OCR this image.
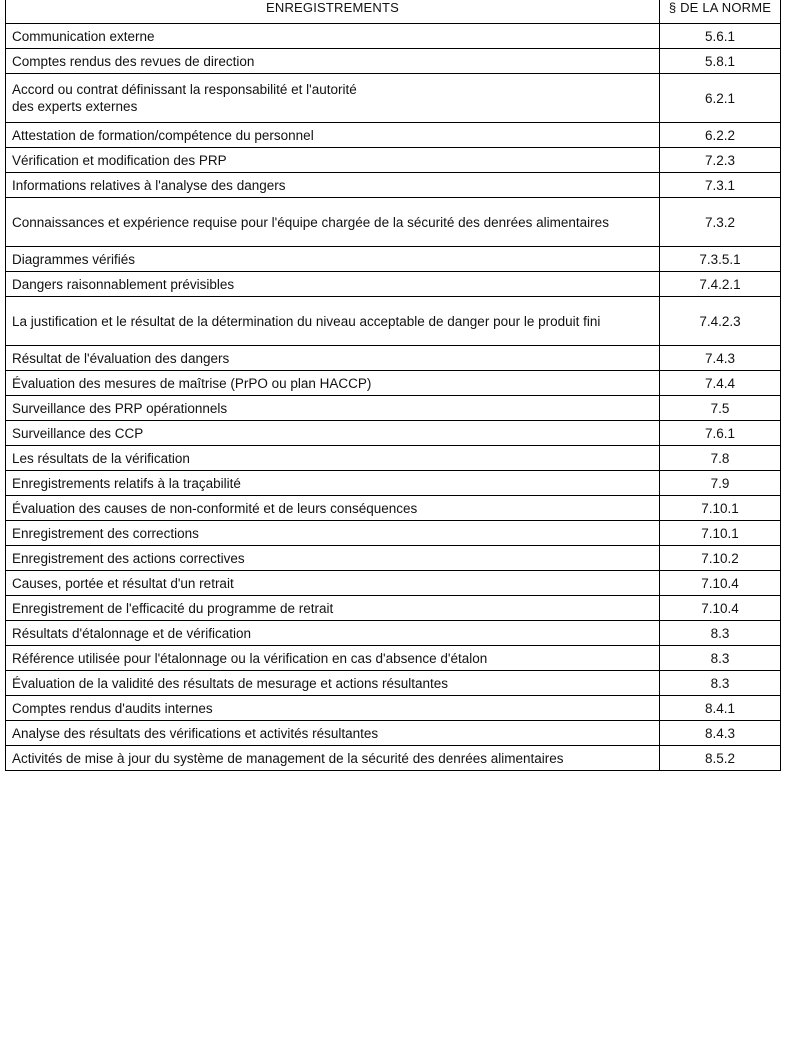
ENREGISTREMENTS	§ DE LA NORME
Communication externe	5.6.1
Comptes rendus des revues de direction	5.8.1
Accord ou contrat définissant la responsabilité et l'autorité
des experts externes	6.2.1
Attestation de formation/compétence du personnel	6.2.2
Vérification et modification des PRP	7.2.3
Informations relatives à l'analyse des dangers	7.3.1
Connaissances et expérience requise pour l'équipe chargée de la sécurité des denrées alimentaires	7.3.2
Diagrammes vérifiés	7.3.5.1
Dangers raisonnablement prévisibles	7.4.2.1
La justification et le résultat de la détermination du niveau acceptable de danger pour le produit fini	7.4.2.3
Résultat de l'évaluation des dangers	7.4.3
Évaluation des mesures de maîtrise (PrPO ou plan HACCP)	7.4.4
Surveillance des PRP opérationnels	7.5
Surveillance des CCP	7.6.1
Les résultats de la vérification	7.8
Enregistrements relatifs à la traçabilité	7.9
Évaluation des causes de non-conformité et de leurs conséquences	7.10.1
Enregistrement des corrections	7.10.1
Enregistrement des actions correctives	7.10.2
Causes, portée et résultat d'un retrait	7.10.4
Enregistrement de l'efficacité du programme de retrait	7.10.4
Résultats d'étalonnage et de vérification	8.3
Référence utilisée pour l'étalonnage ou la vérification en cas d'absence d'étalon	8.3
Évaluation de la validité des résultats de mesurage et actions résultantes	8.3
Comptes rendus d'audits internes	8.4.1
Analyse des résultats des vérifications et activités résultantes	8.4.3
Activités de mise à jour du système de management de la sécurité des denrées alimentaires	8.5.2
